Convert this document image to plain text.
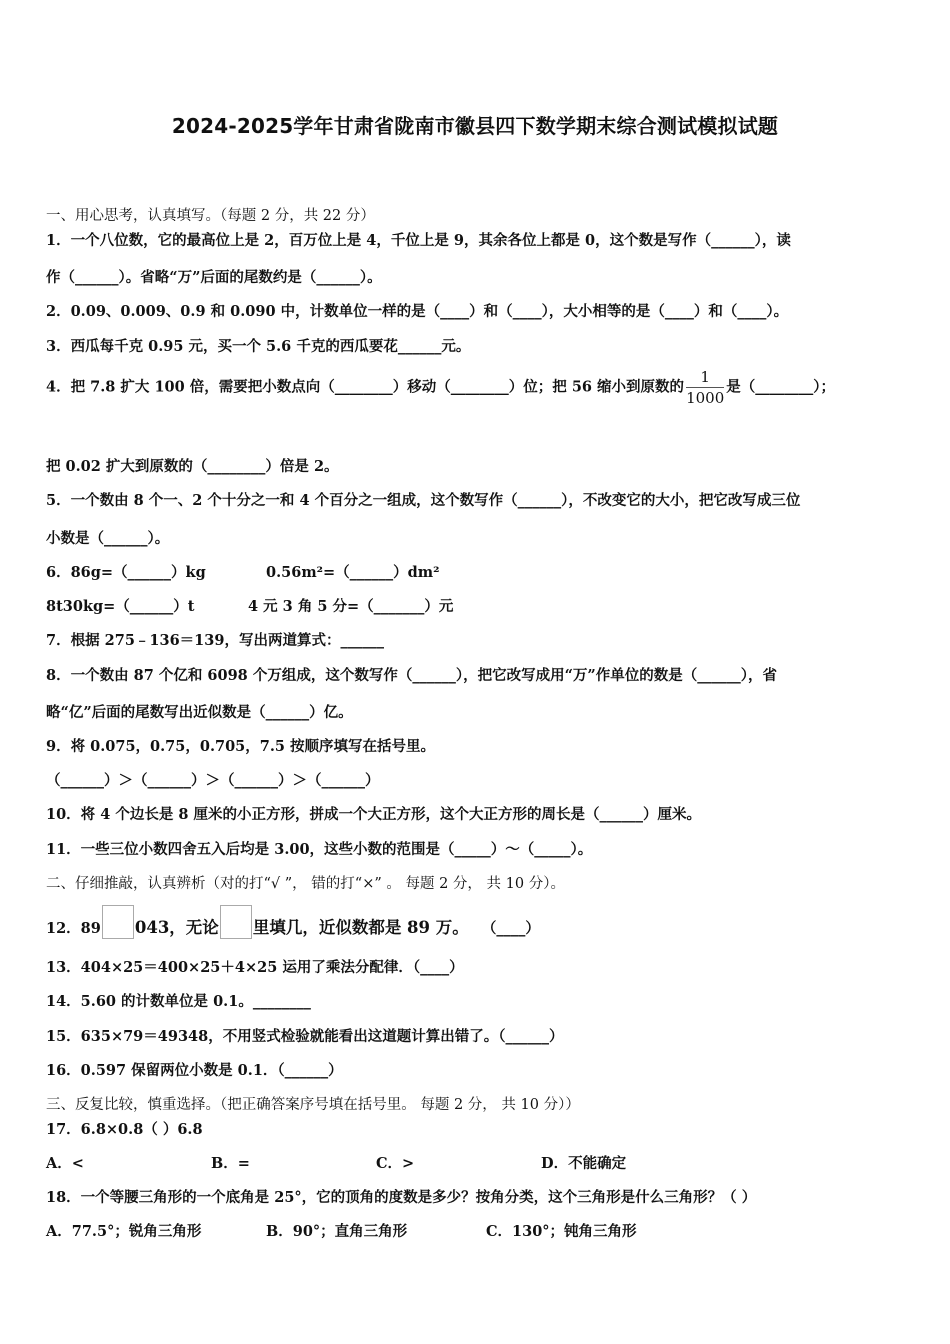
2024-2025学年甘肃省陇南市徽县四下数学期末综合测试模拟试题
一、用心思考，认真填写。（每题 2 分，共 22 分）
1．一个八位数，它的最高位上是 2，百万位上是 4，千位上是 9，其余各位上都是 0，这个数是写作（______），读
作（______）。省略“万”后面的尾数约是（______）。
2．0.09、0.009、0.9 和 0.090 中，计数单位一样的是（____）和（____），大小相等的是（____）和（____）。
3．西瓜每千克 0.95 元，买一个 5.6 千克的西瓜要花______元。
4．把 7.8 扩大 100 倍，需要把小数点向（________）移动（________）位；把 56 缩小到原数的 $\frac{1}{1000}$ 是（________）；
把 0.02 扩大到原数的（________）倍是 2。
5．一个数由 8 个一、2 个十分之一和 4 个百分之一组成，这个数写作（______），不改变它的大小，把它改写成三位
小数是（______）。
6．86g=（______）kg	0.56m²=（______）dm²
8t30kg=（______）t	4 元 3 角 5 分=（_______）元
7．根据 275﹣136＝139，写出两道算式：______
8．一个数由 87 个亿和 6098 个万组成，这个数写作（______），把它改写成用“万”作单位的数是（______），省
略“亿”后面的尾数写出近似数是（______）亿。
9．将 0.075，0.75，0.705，7.5 按顺序填写在括号里。
（______）＞（______）＞（______）＞（______）
10．将 4 个边长是 8 厘米的小正方形，拼成一个大正方形，这个大正方形的周长是（______）厘米。
11．一些三位小数四舍五入后均是 3.00，这些小数的范围是（_____）～（_____）。
二、仔细推敲，认真辨析（对的打“√ ”， 错的打“×” 。 每题 2 分， 共 10 分）。
12．89 043，无论 里填几，近似数都是 89 万。 （____）
13．404×25＝400×25＋4×25 运用了乘法分配律．（____）
14．5.60 的计数单位是 0.1。________
15．635×79＝49348，不用竖式检验就能看出这道题计算出错了。（______）
16．0.597 保留两位小数是 0.1．（______）
三、反复比较，慎重选择。（把正确答案序号填在括号里。 每题 2 分， 共 10 分））
17．6.8×0.8（ ）6.8
A．<	B．=	C．>	D．不能确定
18．一个等腰三角形的一个底角是 25°，它的顶角的度数是多少？按角分类，这个三角形是什么三角形？（ ）
A．77.5°；锐角三角形	B．90°；直角三角形	C．130°；钝角三角形
